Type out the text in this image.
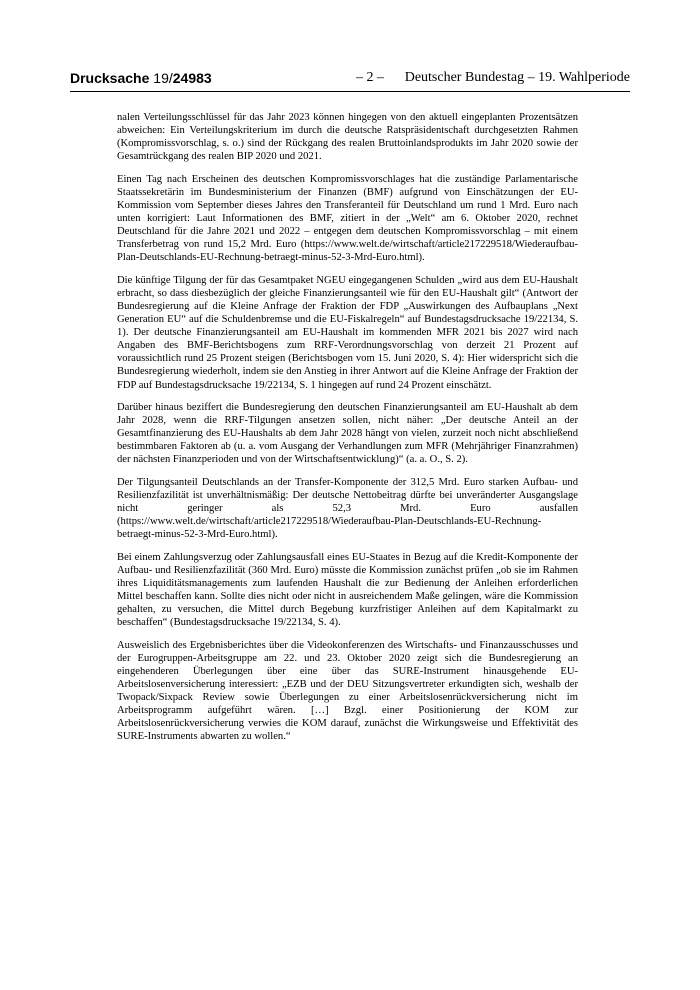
Drucksache 19/24983	– 2 –	Deutscher Bundestag – 19. Wahlperiode

nalen Verteilungsschlüssel für das Jahr 2023 können hingegen von den aktuell eingeplanten Prozentsätzen abweichen: Ein Verteilungskriterium im durch die deutsche Ratspräsidentschaft durchgesetzten Rahmen (Kompromissvorschlag, s. o.) sind der Rückgang des realen Bruttoinlandsprodukts im Jahr 2020 sowie der Gesamtrückgang des realen BIP 2020 und 2021.

Einen Tag nach Erscheinen des deutschen Kompromissvorschlages hat die zuständige Parlamentarische Staatssekretärin im Bundesministerium der Finanzen (BMF) aufgrund von Einschätzungen der EU-Kommission vom September dieses Jahres den Transferanteil für Deutschland um rund 1 Mrd. Euro nach unten korrigiert: Laut Informationen des BMF, zitiert in der „Welt“ am 6. Oktober 2020, rechnet Deutschland für die Jahre 2021 und 2022 – entgegen dem deutschen Kompromissvorschlag – mit einem Transferbetrag von rund 15,2 Mrd. Euro (https://www.welt.de/wirtschaft/article217229518/Wiederaufbau-Plan-Deutschlands-EU-Rechnung-betraegt-minus-52-3-Mrd-Euro.html).

Die künftige Tilgung der für das Gesamtpaket NGEU eingegangenen Schulden „wird aus dem EU-Haushalt erbracht, so dass diesbezüglich der gleiche Finanzierungsanteil wie für den EU-Haushalt gilt“ (Antwort der Bundesregierung auf die Kleine Anfrage der Fraktion der FDP „Auswirkungen des Aufbauplans „Next Generation EU“ auf die Schuldenbremse und die EU-Fiskalregeln“ auf Bundestagsdrucksache 19/22134, S. 1). Der deutsche Finanzierungsanteil am EU-Haushalt im kommenden MFR 2021 bis 2027 wird nach Angaben des BMF-Berichtsbogens zum RRF-Verordnungsvorschlag von derzeit 21 Prozent auf voraussichtlich rund 25 Prozent steigen (Berichtsbogen vom 15. Juni 2020, S. 4): Hier widerspricht sich die Bundesregierung wiederholt, indem sie den Anstieg in ihrer Antwort auf die Kleine Anfrage der Fraktion der FDP auf Bundestagsdrucksache 19/22134, S. 1 hingegen auf rund 24 Prozent einschätzt.

Darüber hinaus beziffert die Bundesregierung den deutschen Finanzierungsanteil am EU-Haushalt ab dem Jahr 2028, wenn die RRF-Tilgungen ansetzen sollen, nicht näher: „Der deutsche Anteil an der Gesamtfinanzierung des EU-Haushalts ab dem Jahr 2028 hängt von vielen, zurzeit noch nicht abschließend bestimmbaren Faktoren ab (u. a. vom Ausgang der Verhandlungen zum MFR (Mehrjähriger Finanzrahmen) der nächsten Finanzperioden und von der Wirtschaftsentwicklung)“ (a. a. O., S. 2).

Der Tilgungsanteil Deutschlands an der Transfer-Komponente der 312,5 Mrd. Euro starken Aufbau- und Resilienzfazilität ist unverhältnismäßig: Der deutsche Nettobeitrag dürfte bei unveränderter Ausgangslage nicht geringer als 52,3 Mrd. Euro ausfallen (https://www.welt.de/wirtschaft/article217229518/Wiederaufbau-Plan-Deutschlands-EU-Rechnung-betraegt-minus-52-3-Mrd-Euro.html).

Bei einem Zahlungsverzug oder Zahlungsausfall eines EU-Staates in Bezug auf die Kredit-Komponente der Aufbau- und Resilienzfazilität (360 Mrd. Euro) müsste die Kommission zunächst prüfen „ob sie im Rahmen ihres Liquiditätsmanagements zum laufenden Haushalt die zur Bedienung der Anleihen erforderlichen Mittel beschaffen kann. Sollte dies nicht oder nicht in ausreichendem Maße gelingen, wäre die Kommission gehalten, zu versuchen, die Mittel durch Begebung kurzfristiger Anleihen auf dem Kapitalmarkt zu beschaffen“ (Bundestagsdrucksache 19/22134, S. 4).

Ausweislich des Ergebnisberichtes über die Videokonferenzen des Wirtschafts- und Finanzausschusses und der Eurogruppen-Arbeitsgruppe am 22. und 23. Oktober 2020 zeigt sich die Bundesregierung an eingehenderen Überlegungen über eine über das SURE-Instrument hinausgehende EU-Arbeitslosenversicherung interessiert: „EZB und der DEU Sitzungsvertreter erkundigten sich, weshalb der Twopack/Sixpack Review sowie Überlegungen zu einer Arbeitslosenrückversicherung nicht im Arbeitsprogramm aufgeführt wären. […] Bzgl. einer Positionierung der KOM zur Arbeitslosenrückversicherung verwies die KOM darauf, zunächst die Wirkungsweise und Effektivität des SURE-Instruments abwarten zu wollen.“
